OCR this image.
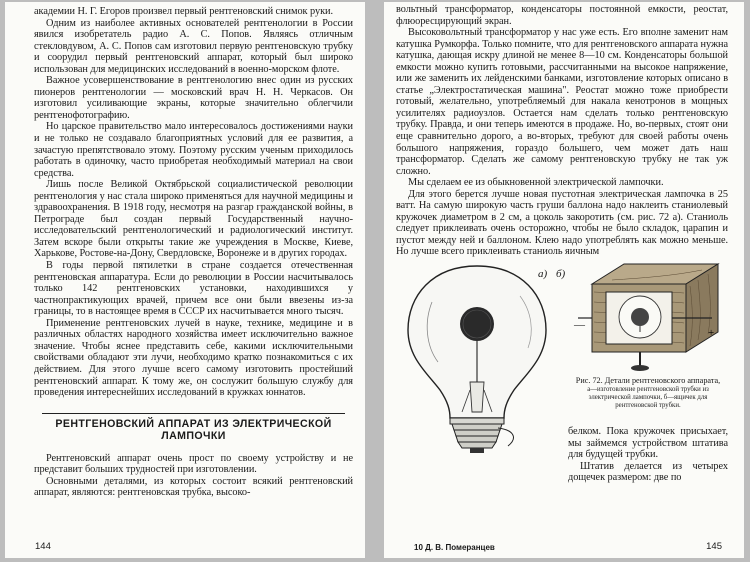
академии Н. Г. Егоров произвел первый рентгеновский снимок руки.

Одним из наиболее активных основателей рентгенологии в России явился изобретатель радио А. С. Попов. Являясь отличным стекловдувом, А. С. Попов сам изготовил первую рентгеновскую трубку и соорудил первый рентгеновский аппарат, который был широко использован для медицинских исследований в военно-морском флоте.

Важное усовершенствование в рентгенологию внес один из русских пионеров рентгенологии — московский врач Н. Н. Черкасов. Он изготовил усиливающие экраны, которые значительно облегчили рентгенофотографию.

Но царское правительство мало интересовалось достижениями науки и не только не создавало благоприятных условий для ее развития, а зачастую препятствовало этому. Поэтому русским ученым приходилось работать в одиночку, часто приобретая необходимый материал на свои средства.

Лишь после Великой Октябрьской социалистической революции рентгенология у нас стала широко применяться для научной медицины и здравоохранения. В 1918 году, несмотря на разгар гражданской войны, в Петрограде был создан первый Государственный научно-исследовательский рентгенологический и радиологический институт. Затем вскоре были открыты такие же учреждения в Москве, Киеве, Харькове, Ростове-на-Дону, Свердловске, Воронеже и в других городах.

В годы первой пятилетки в стране создается отечественная рентгеновская аппаратура. Если до революции в России насчитывалось только 142 рентгеновских установки, находившихся у частнопрактикующих врачей, причем все они были ввезены из-за границы, то в настоящее время в СССР их насчитывается много тысяч.

Применение рентгеновских лучей в науке, технике, медицине и в различных областях народного хозяйства имеет исключительно важное значение. Чтобы ясн​ее представить себе, какими исключительными свойствами обладают эти лучи, необходимо кратко познакомиться с их действием. Для этого лучше всего самому изготовить простейший рентгеновский аппарат. К тому же, он сослужит большую службу для проведения интересн​ейших исследований в кружках юннатов.

РЕНТГЕНОВСКИЙ АППАРАТ ИЗ ЭЛЕКТРИЧЕСКОЙ
ЛАМПОЧКИ

Рентгеновский аппарат очень прост по своему устройству и не представит больших трудностей при изготовлении.

Основными деталями, из которых состоит всякий рентгеновский аппарат, являются: рентгеновская трубка, высоко-

144

вольтный трансформатор, конденсаторы постоянной емкости, реостат, флюоресцирующий экран.

Высоковольтный трансформатор у нас уже есть. Его вполне заменит нам катушка Румкорфа. Только помните, что для рентгеновского аппарата нужна катушка, дающая искру длиной не менее 8—10 см. Конденсаторы большой емкости можно купить готовыми, рассчитанными на высокое напряжение, или же заменить их лейденскими банками, изготовление которых описано в статье „Электростатическая машина". Реостат можно тоже приобрести готовый, желательно, употребляемый для накала кенотронов в мощных усилителях радиоузлов. Остается нам сделать только рентгеновскую трубку. Правда, и они теперь имеются в продаже. Но, во-первых, стоят они еще сравнительно дорого, а во-вторых, требуют для своей работы очень большого напряжения, гораздо большего, чем может дать наш трансформатор. Сделать же самому рентгеновскую трубку не так уж сложно.

Мы сделаем ее из обыкновенной электрической лампочки.

Для этого берется лучше новая пустотная электрическая лампочка в 25 ватт. На самую широкую часть груши баллона надо наклеить станиолевый кружочек диаметром в 2 см, а цоколь закоротить (см. рис. 72 а). Станиоль следует приклеивать очень осторожно, чтобы не было складок, царапин и пустот между ней и баллоном. Клею надо употреблять как можно меньше. Но лучше всего приклеивать станиоль яичным

—
+
а) б)
Рис. 72. Детали рентгеновского аппарата,
а—изготовление рентгеновской трубки из электрической лампочки, б—ящичек для рентгеновской трубки.

белком. Пока кружочек присыхает, мы займемся устройством штатива для будущей трубки.

Штатив делается из четырех дощечек размером: две по

10 Д. В. Померанцев	145
